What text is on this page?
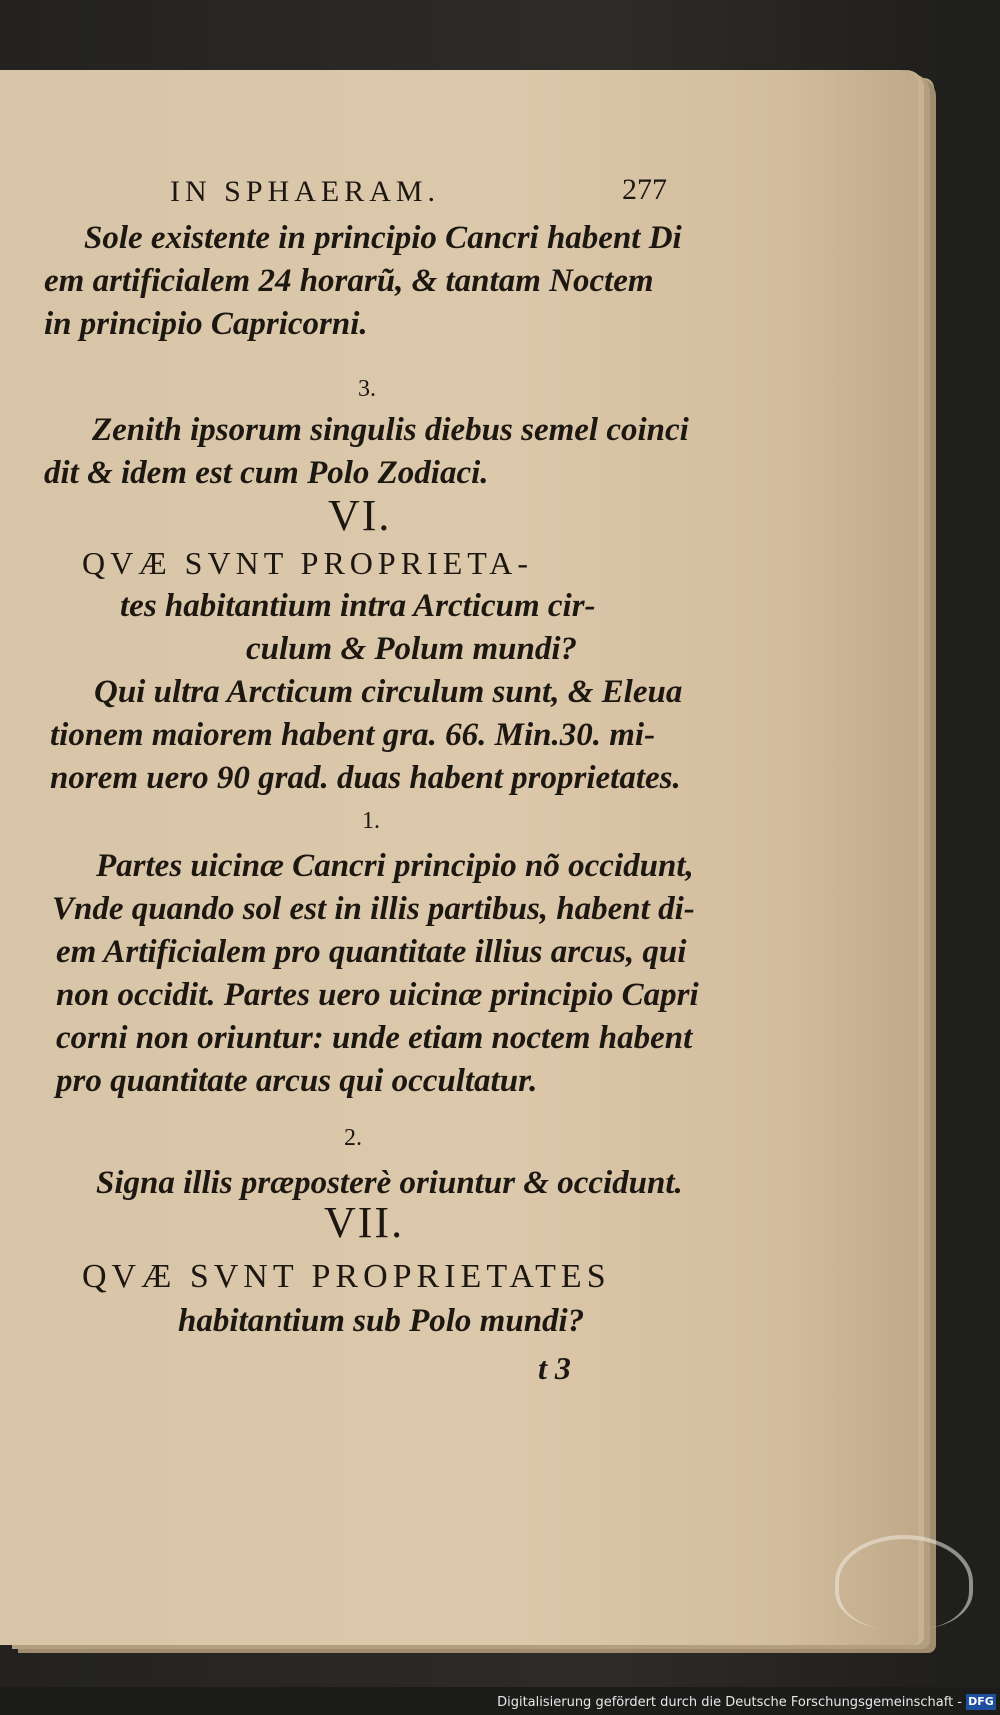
IN SPHAERAM.	277
Sole existente in principio Cancri habent Di
em artificialem 24 horarũ, & tantam Noctem
in principio Capricorni.
3.
Zenith ipsorum singulis diebus semel coinci
dit & idem est cum Polo Zodiaci.
VI.
QVÆ SVNT PROPRIETA-
tes habitantium intra Arcticum cir-
culum & Polum mundi?
Qui ultra Arcticum circulum sunt, & Eleua
tionem maiorem habent gra. 66. Min.30. mi-
norem uero 90 grad. duas habent proprietates.
1.
Partes uicinæ Cancri principio nõ occidunt,
Vnde quando sol est in illis partibus, habent di-
em Artificialem pro quantitate illius arcus, qui
non occidit. Partes uero uicinæ principio Capri
corni non oriuntur: unde etiam noctem habent
pro quantitate arcus qui occultatur.
2.
Signa illis præposterè oriuntur & occidunt.
VII.
QVÆ SVNT PROPRIETATES
habitantium sub Polo mundi?
t 3
Digitalisierung gefördert durch die Deutsche Forschungsgemeinschaft - DFG
